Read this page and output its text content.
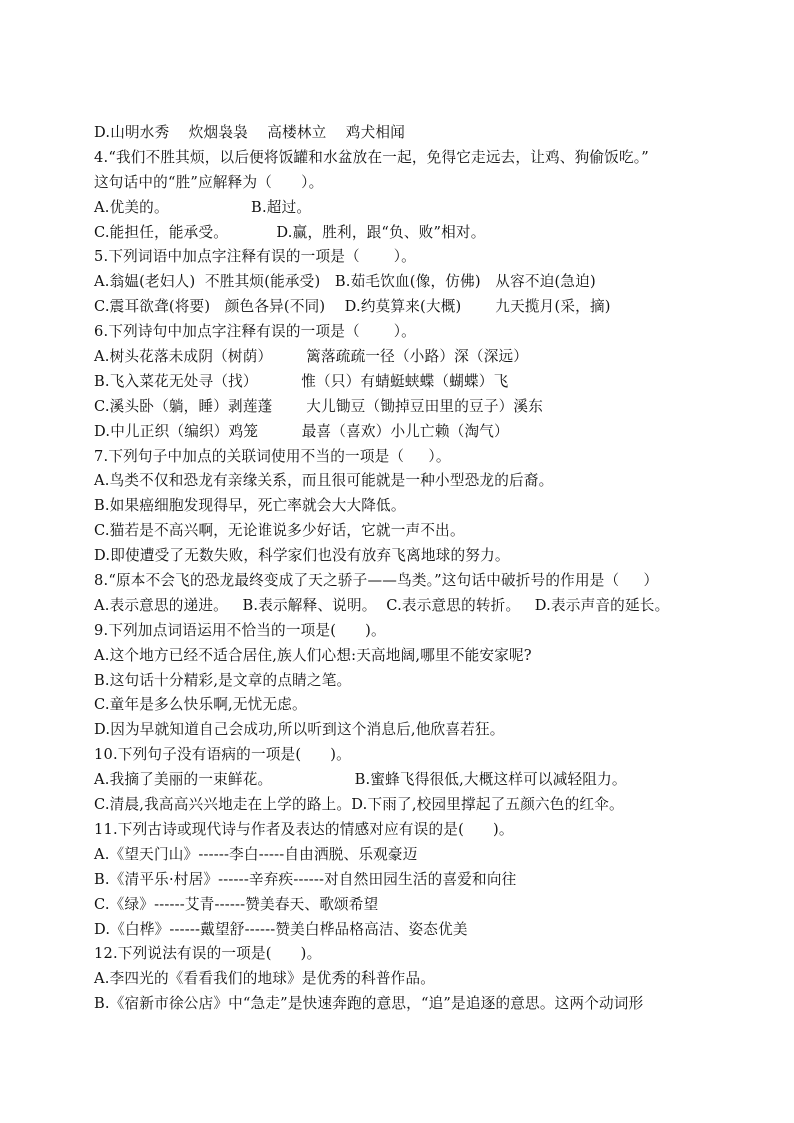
D.山明水秀    炊烟袅袅    高楼林立    鸡犬相闻
4.“我们不胜其烦，以后便将饭罐和水盆放在一起，免得它走远去，让鸡、狗偷饭吃。”
这句话中的“胜”应解释为（      ）。
A.优美的。                 B.超过。
C.能担任，能承受。          D.赢，胜利，跟“负、败”相对。
5.下列词语中加点字注释有误的一项是（       ）。
A.翁媪(老妇人)  不胜其烦(能承受)   B.茹毛饮血(像，仿佛)   从容不迫(急迫)
C.震耳欲聋(将要)   颜色各异(不同)    D.约莫算来(大概)       九天揽月(采，摘)
6.下列诗句中加点字注释有误的一项是（       ）。
A.树头花落未成阴（树荫）       篱落疏疏一径（小路）深（深远）
B.飞入菜花无处寻（找）         惟（只）有蜻蜓蛱蝶（蝴蝶）飞
C.溪头卧（躺，睡）剥莲蓬       大儿锄豆（锄掉豆田里的豆子）溪东
D.中儿正织（编织）鸡笼         最喜（喜欢）小儿亡赖（淘气）
7.下列句子中加点的关联词使用不当的一项是（     ）。
A.鸟类不仅和恐龙有亲缘关系，而且很可能就是一种小型恐龙的后裔。
B.如果癌细胞发现得早，死亡率就会大大降低。
C.猫若是不高兴啊，无论谁说多少好话，它就一声不出。
D.即使遭受了无数失败，科学家们也没有放弃飞离地球的努力。
8.“原本不会飞的恐龙最终变成了天之骄子——鸟类。”这句话中破折号的作用是（     ）
A.表示意思的递进。   B.表示解释、说明。  C.表示意思的转折。   D.表示声音的延长。
9.下列加点词语运用不恰当的一项是(      )。
A.这个地方已经不适合居住,族人们心想:天高地阔,哪里不能安家呢?
B.这句话十分精彩,是文章的点睛之笔。
C.童年是多么快乐啊,无忧无虑。
D.因为早就知道自己会成功,所以听到这个消息后,他欣喜若狂。
10.下列句子没有语病的一项是(      )。
A.我摘了美丽的一束鲜花。                 B.蜜蜂飞得很低,大概这样可以减轻阻力。
C.清晨,我高高兴兴地走在上学的路上。D.下雨了,校园里撑起了五颜六色的红伞。
11.下列古诗或现代诗与作者及表达的情感对应有误的是(      )。
A.《望天门山》------李白-----自由洒脱、乐观豪迈
B.《清平乐·村居》------辛弃疾------对自然田园生活的喜爱和向往
C.《绿》------艾青------赞美春天、歌颂希望
D.《白桦》------戴望舒------赞美白桦品格高洁、姿态优美
12.下列说法有误的一项是(      )。
A.李四光的《看看我们的地球》是优秀的科普作品。
B.《宿新市徐公店》中“急走”是快速奔跑的意思，“追”是追逐的意思。这两个动词形
